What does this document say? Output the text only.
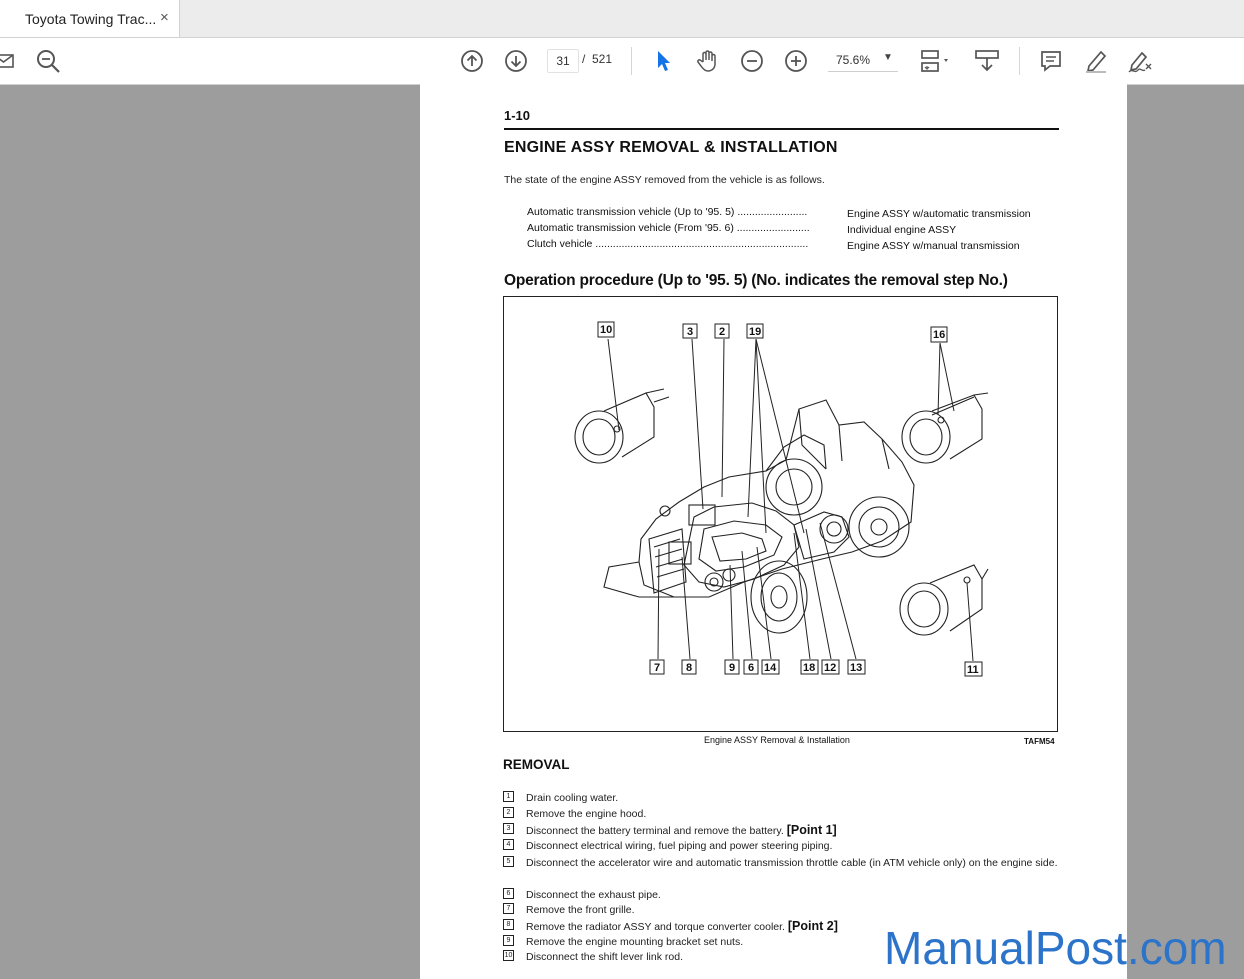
Toyota Towing Trac... ×
31	/ 521	75.6% ▼
1-10
ENGINE ASSY REMOVAL & INSTALLATION
The state of the engine ASSY removed from the vehicle is as follows.
Automatic transmission vehicle (Up to '95. 5) ........................	Engine ASSY w/automatic transmission
Automatic transmission vehicle (From '95. 6) .........................	Individual engine ASSY
Clutch vehicle .........................................................................	Engine ASSY w/manual transmission
Operation procedure (Up to '95. 5) (No. indicates the removal step No.)
10	3 2 19	16
7 8	9 6 14 18 12 13	11
Engine ASSY Removal & Installation	TAFM54
REMOVAL
1	Drain cooling water.
2	Remove the engine hood.
3	Disconnect the battery terminal and remove the battery. [Point 1]
4	Disconnect electrical wiring, fuel piping and power steering piping.
5	Disconnect the accelerator wire and automatic transmission throttle cable (in ATM vehicle only) on the engine side.
6	Disconnect the exhaust pipe.
7	Remove the front grille.
8	Remove the radiator ASSY and torque converter cooler. [Point 2]
9	Remove the engine mounting bracket set nuts.
10 Disconnect the shift lever link rod.	ManualPost.com
